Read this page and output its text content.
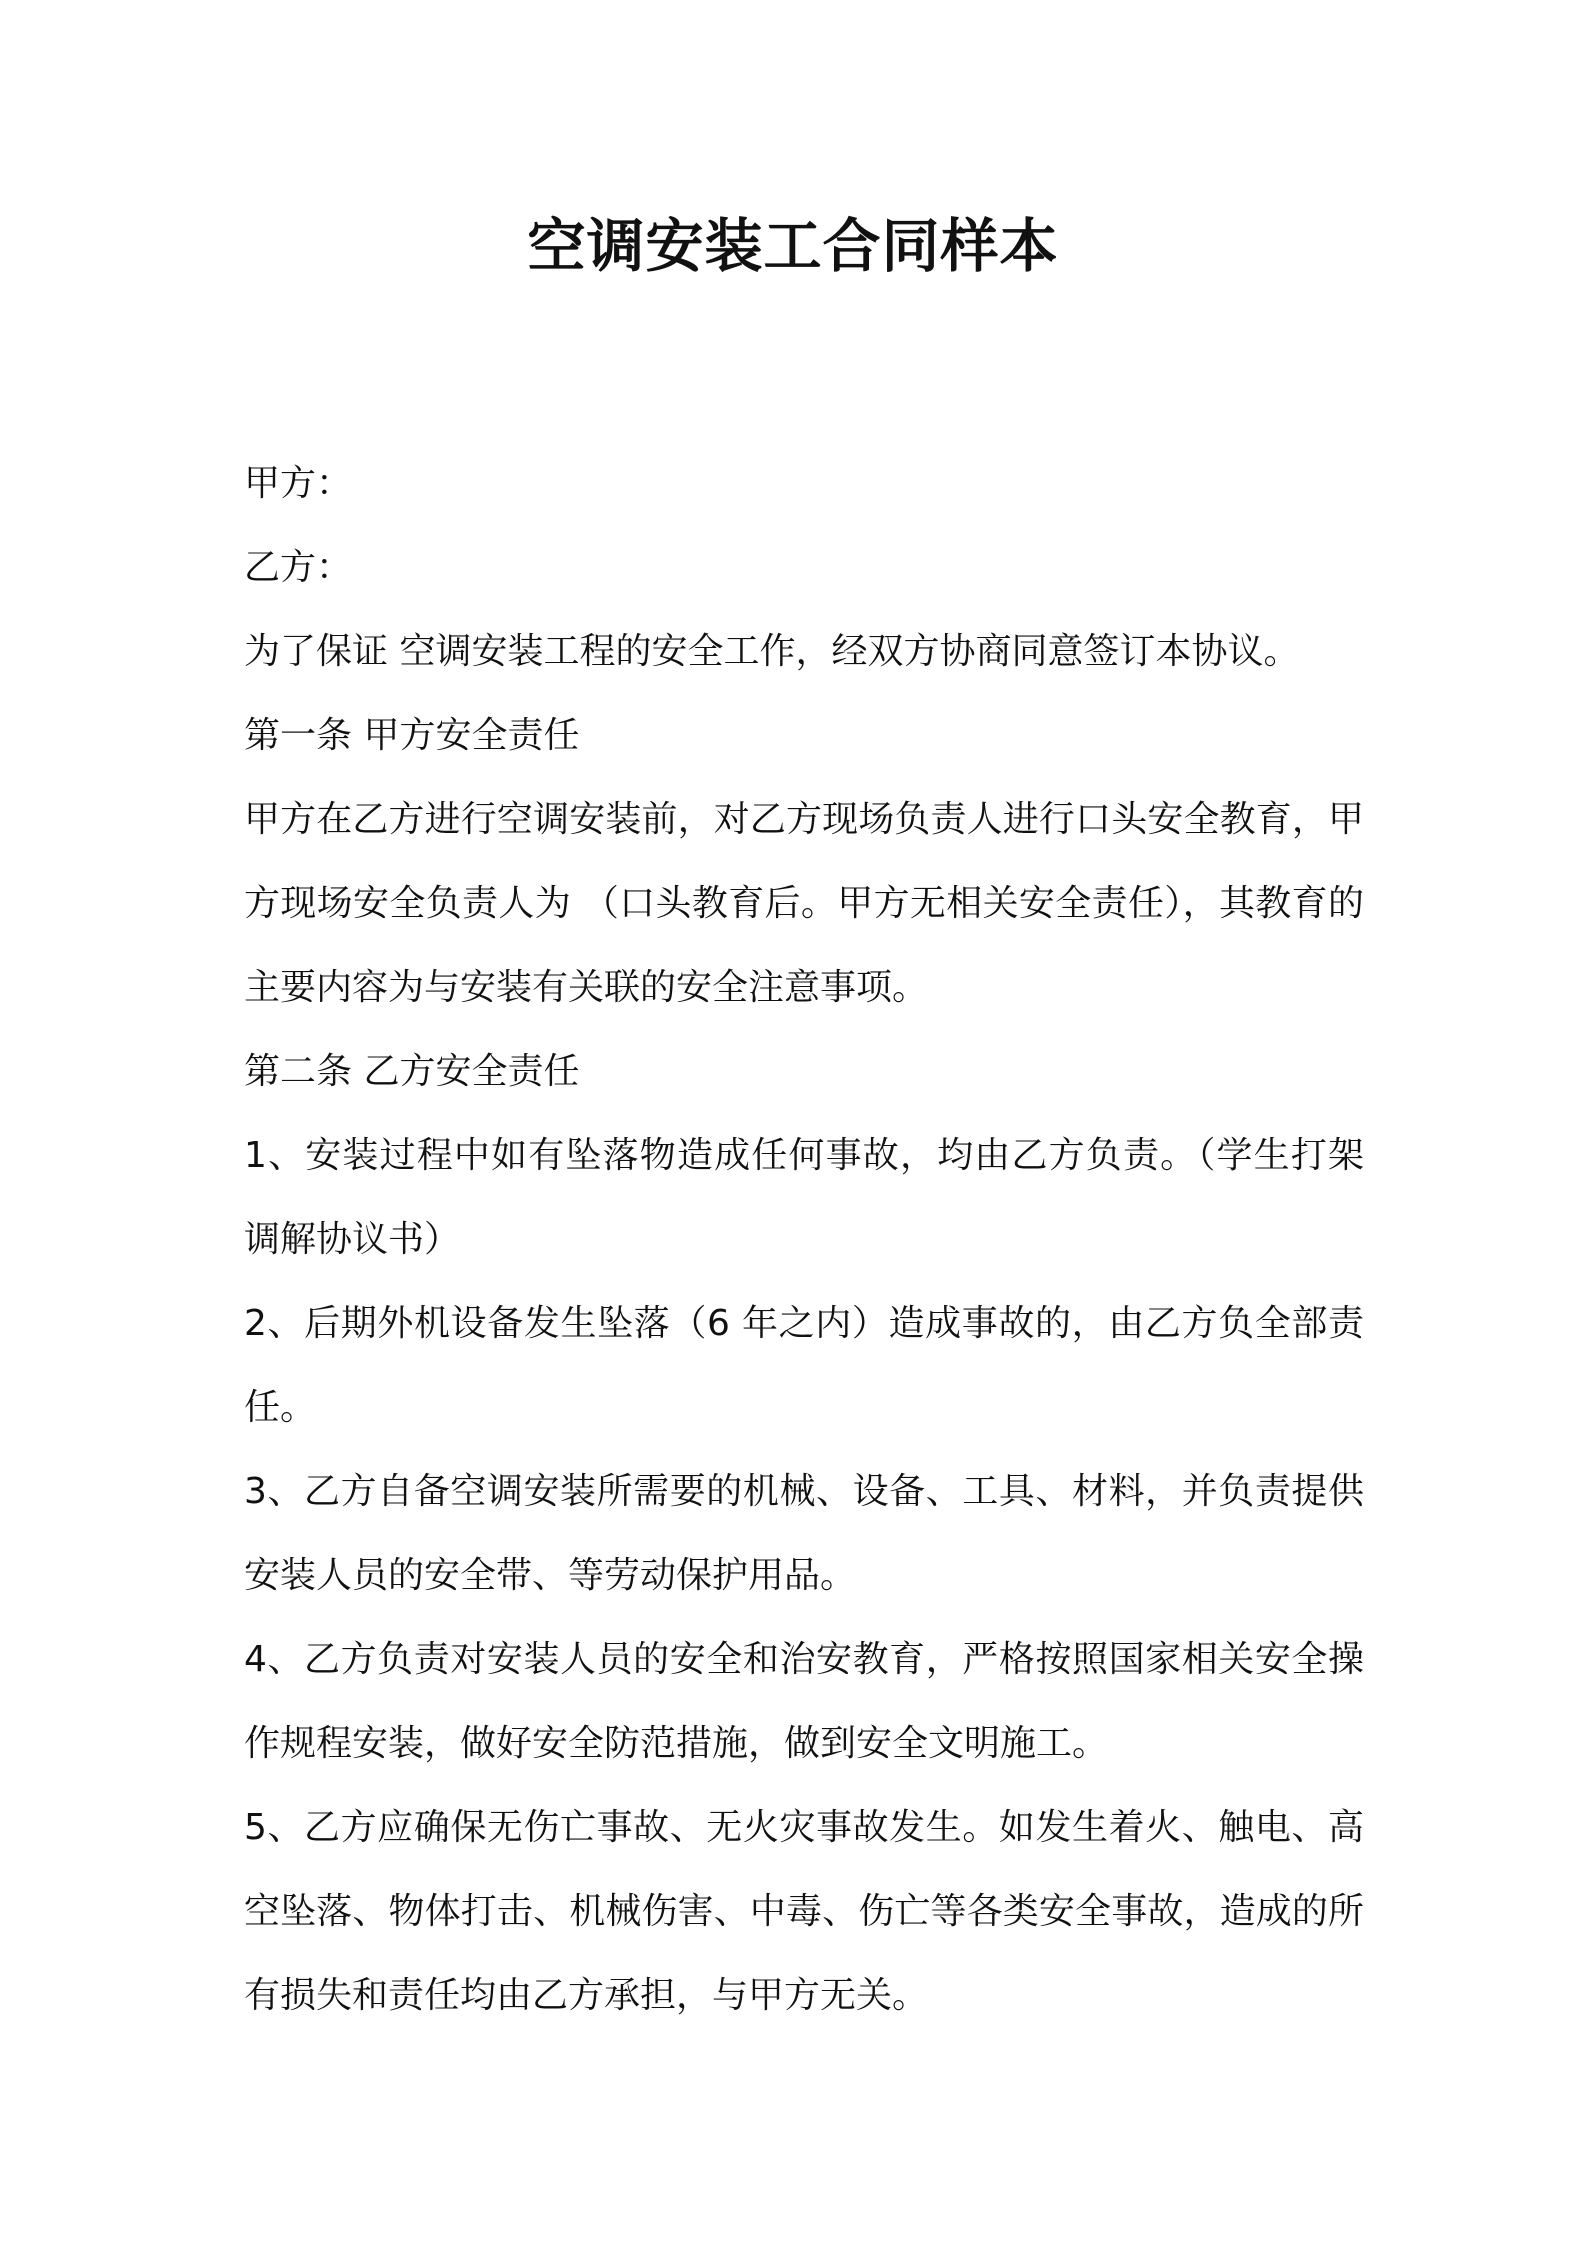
空调安装工合同样本

甲方：

乙方：

为了保证 空调安装工程的安全工作，经双方协商同意签订本协议。

第一条 甲方安全责任

甲方在乙方进行空调安装前，对乙方现场负责人进行口头安全教育，甲方现场安全负责人为 （口头教育后。甲方无相关安全责任），其教育的主要内容为与安装有关联的安全注意事项。

第二条 乙方安全责任

1、安装过程中如有坠落物造成任何事故，均由乙方负责。（学生打架调解协议书）

2、后期外机设备发生坠落（6 年之内）造成事故的，由乙方负全部责任。

3、乙方自备空调安装所需要的机械、设备、工具、材料，并负责提供安装人员的安全带、等劳动保护用品。

4、乙方负责对安装人员的安全和治安教育，严格按照国家相关安全操作规程安装，做好安全防范措施，做到安全文明施工。

5、乙方应确保无伤亡事故、无火灾事故发生。如发生着火、触电、高空坠落、物体打击、机械伤害、中毒、伤亡等各类安全事故，造成的所有损失和责任均由乙方承担，与甲方无关。
